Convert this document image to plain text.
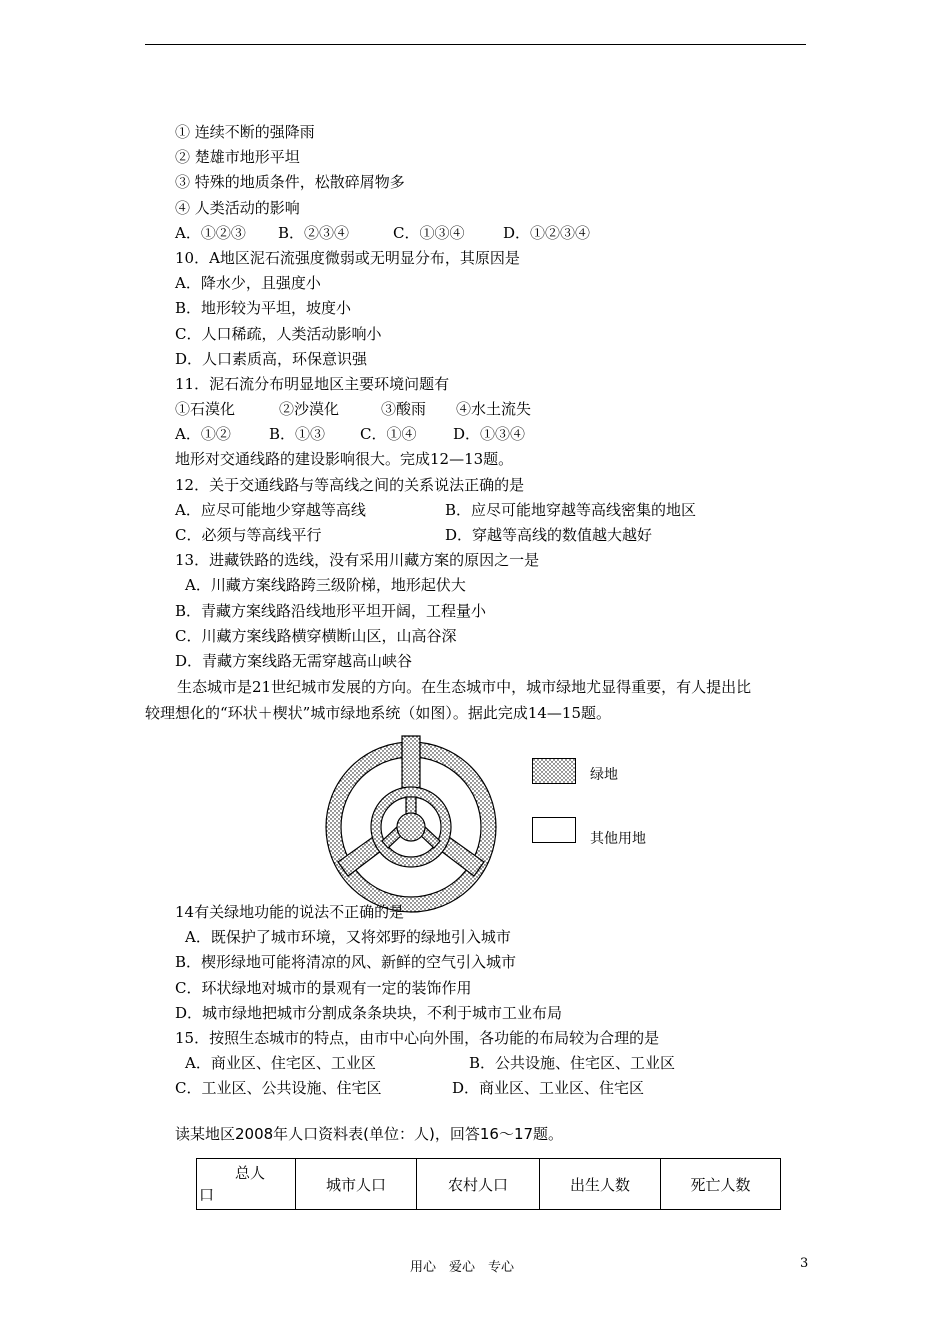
① 连续不断的强降雨
② 楚雄市地形平坦
③ 特殊的地质条件，松散碎屑物多
④ 人类活动的影响
A．①②③	B．②③④	C．①③④	D．①②③④
10．A地区泥石流强度微弱或无明显分布，其原因是
A．降水少，且强度小
B．地形较为平坦，坡度小
C．人口稀疏，人类活动影响小
D．人口素质高，环保意识强
11．泥石流分布明显地区主要环境问题有
①石漠化	②沙漠化	③酸雨	④水土流失
A．①②	B．①③	C．①④	D．①③④
地形对交通线路的建设影响很大。完成12—13题。
12．关于交通线路与等高线之间的关系说法正确的是
A．应尽可能地少穿越等高线	B．应尽可能地穿越等高线密集的地区
C．必须与等高线平行	D．穿越等高线的数值越大越好
13．进藏铁路的选线，没有采用川藏方案的原因之一是
A．川藏方案线路跨三级阶梯，地形起伏大
B．青藏方案线路沿线地形平坦开阔，工程量小
C．川藏方案线路横穿横断山区，山高谷深
D．青藏方案线路无需穿越高山峡谷

生态城市是21世纪城市发展的方向。在生态城市中，城市绿地尤显得重要，有人提出比

较理想化的“环状＋楔状”城市绿地系统（如图）。据此完成14—15题。

绿地
其他用地
14有关绿地功能的说法不正确的是
A．既保护了城市环境，又将郊野的绿地引入城市
B．楔形绿地可能将清凉的风、新鲜的空气引入城市
C．环状绿地对城市的景观有一定的装饰作用
D．城市绿地把城市分割成条条块块，不利于城市工业布局
15．按照生态城市的特点，由市中心向外围，各功能的布局较为合理的是
A．商业区、住宅区、工业区	B．公共设施、住宅区、工业区
C．工业区、公共设施、住宅区	D．商业区、工业区、住宅区
读某地区2008年人口资料表(单位：人)，回答16～17题。
总人
口
	城市人口	农村人口	出生人数	死亡人数
用心　爱心　专心	3
